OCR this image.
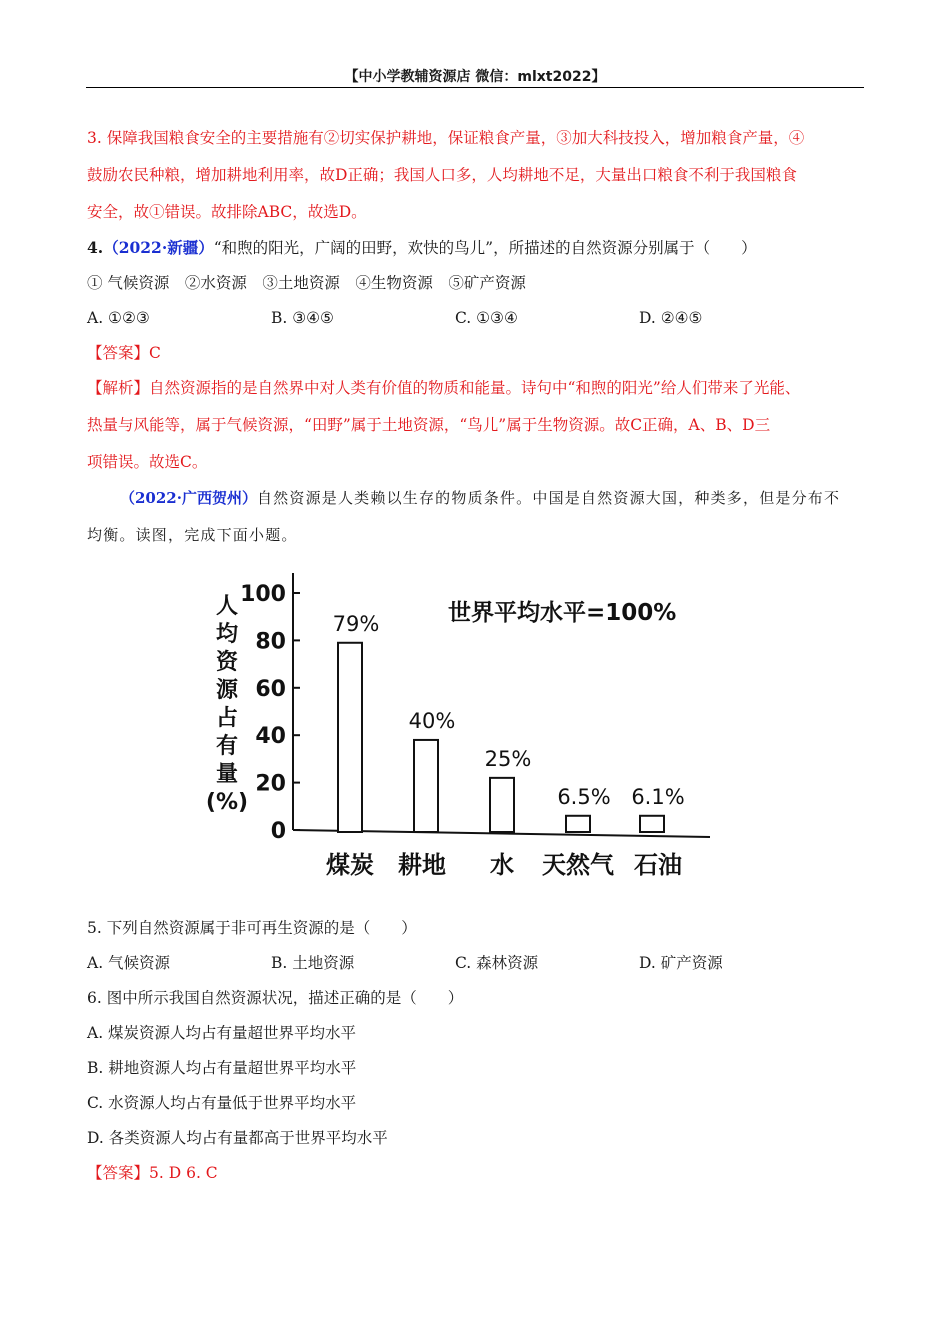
【中小学教辅资源店 微信：mlxt2022】
3. 保障我国粮食安全的主要措施有②切实保护耕地，保证粮食产量，③加大科技投入，增加粮食产量，④
鼓励农民种粮，增加耕地利用率，故D正确；我国人口多，人均耕地不足，大量出口粮食不利于我国粮食
安全，故①错误。故排除ABC，故选D。
4.（2022·新疆）“和煦的阳光，广阔的田野，欢快的鸟儿”，所描述的自然资源分别属于（　　）
① 气候资源　②水资源　③土地资源　④生物资源　⑤矿产资源
A. ①②③	B. ③④⑤	C. ①③④	D. ②④⑤
【答案】C
【解析】自然资源指的是自然界中对人类有价值的物质和能量。诗句中“和煦的阳光”给人们带来了光能、
热量与风能等，属于气候资源，“田野”属于土地资源，“鸟儿”属于生物资源。故C正确，A、B、D三
项错误。故选C。
（2022·广西贺州）自然资源是人类赖以生存的物质条件。中国是自然资源大国，种类多，但是分布不
均衡。读图，完成下面小题。
人
均
资
源
占
有
量
(%)
0
20
40
60
80
100
世界平均水平=100%
79%
40%
25%
6.5% 6.1%
煤炭 耕地 水 天然气 石油
5. 下列自然资源属于非可再生资源的是（　　）
A. 气候资源	B. 土地资源	C. 森林资源	D. 矿产资源
6. 图中所示我国自然资源状况，描述正确的是（　　）
A. 煤炭资源人均占有量超世界平均水平
B. 耕地资源人均占有量超世界平均水平
C. 水资源人均占有量低于世界平均水平
D. 各类资源人均占有量都高于世界平均水平
【答案】5. D 6. C
